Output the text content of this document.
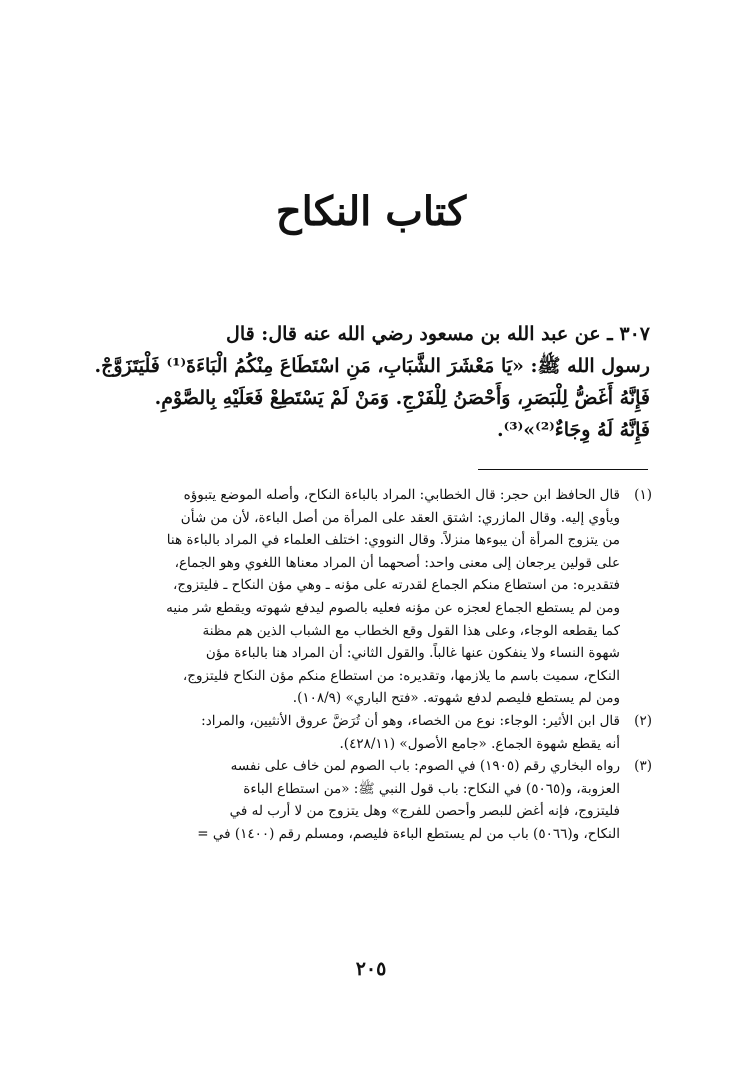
كتاب النكاح

٣٠٧ ـ عن عبد الله بن مسعود رضي الله عنه قال: قال

رسول الله ﷺ: «يَا مَعْشَرَ الشَّبَابِ، مَنِ اسْتَطَاعَ مِنْكُمُ الْبَاءَةَ⁽¹⁾ فَلْيَتَزَوَّجْ.

فَإِنَّهُ أَغَضُّ لِلْبَصَرِ، وَأَحْصَنُ لِلْفَرْجِ. وَمَنْ لَمْ يَسْتَطِعْ فَعَلَيْهِ بِالصَّوْمِ.

فَإِنَّهُ لَهُ وِجَاءٌ⁽²⁾»⁽³⁾.

(١)

قال الحافظ ابن حجر: قال الخطابي: المراد بالباءة النكاح، وأصله الموضع يتبوؤه

ويأوي إليه. وقال المازري: اشتق العقد على المرأة من أصل الباءة، لأن من شأن

من يتزوج المرأة أن يبوءها منزلاً. وقال النووي: اختلف العلماء في المراد بالباءة هنا

على قولين يرجعان إلى معنى واحد: أصحهما أن المراد معناها اللغوي وهو الجماع،

فتقديره: من استطاع منكم الجماع لقدرته على مؤنه ـ وهي مؤن النكاح ـ فليتزوج،

ومن لم يستطع الجماع لعجزه عن مؤنه فعليه بالصوم ليدفع شهوته ويقطع شر منيه

كما يقطعه الوجاء، وعلى هذا القول وقع الخطاب مع الشباب الذين هم مظنة

شهوة النساء ولا ينفكون عنها غالباً. والقول الثاني: أن المراد هنا بالباءة مؤن

النكاح، سميت باسم ما يلازمها، وتقديره: من استطاع منكم مؤن النكاح فليتزوج،

ومن لم يستطع فليصم لدفع شهوته. «فتح الباري» (١٠٨/٩).

(٢)

قال ابن الأثير: الوجاء: نوع من الخصاء، وهو أن تُرَضَّ عروق الأنثيين، والمراد:

أنه يقطع شهوة الجماع. «جامع الأصول» (٤٢٨/١١).

(٣)

رواه البخاري رقم (١٩٠٥) في الصوم: باب الصوم لمن خاف على نفسه

العزوبة، و(٥٠٦٥) في النكاح: باب قول النبي ﷺ: «من استطاع الباءة

فليتزوج، فإنه أغض للبصر وأحصن للفرج» وهل يتزوج من لا أرب له في

النكاح، و(٥٠٦٦) باب من لم يستطع الباءة فليصم، ومسلم رقم (١٤٠٠) في =

٢٠٥
